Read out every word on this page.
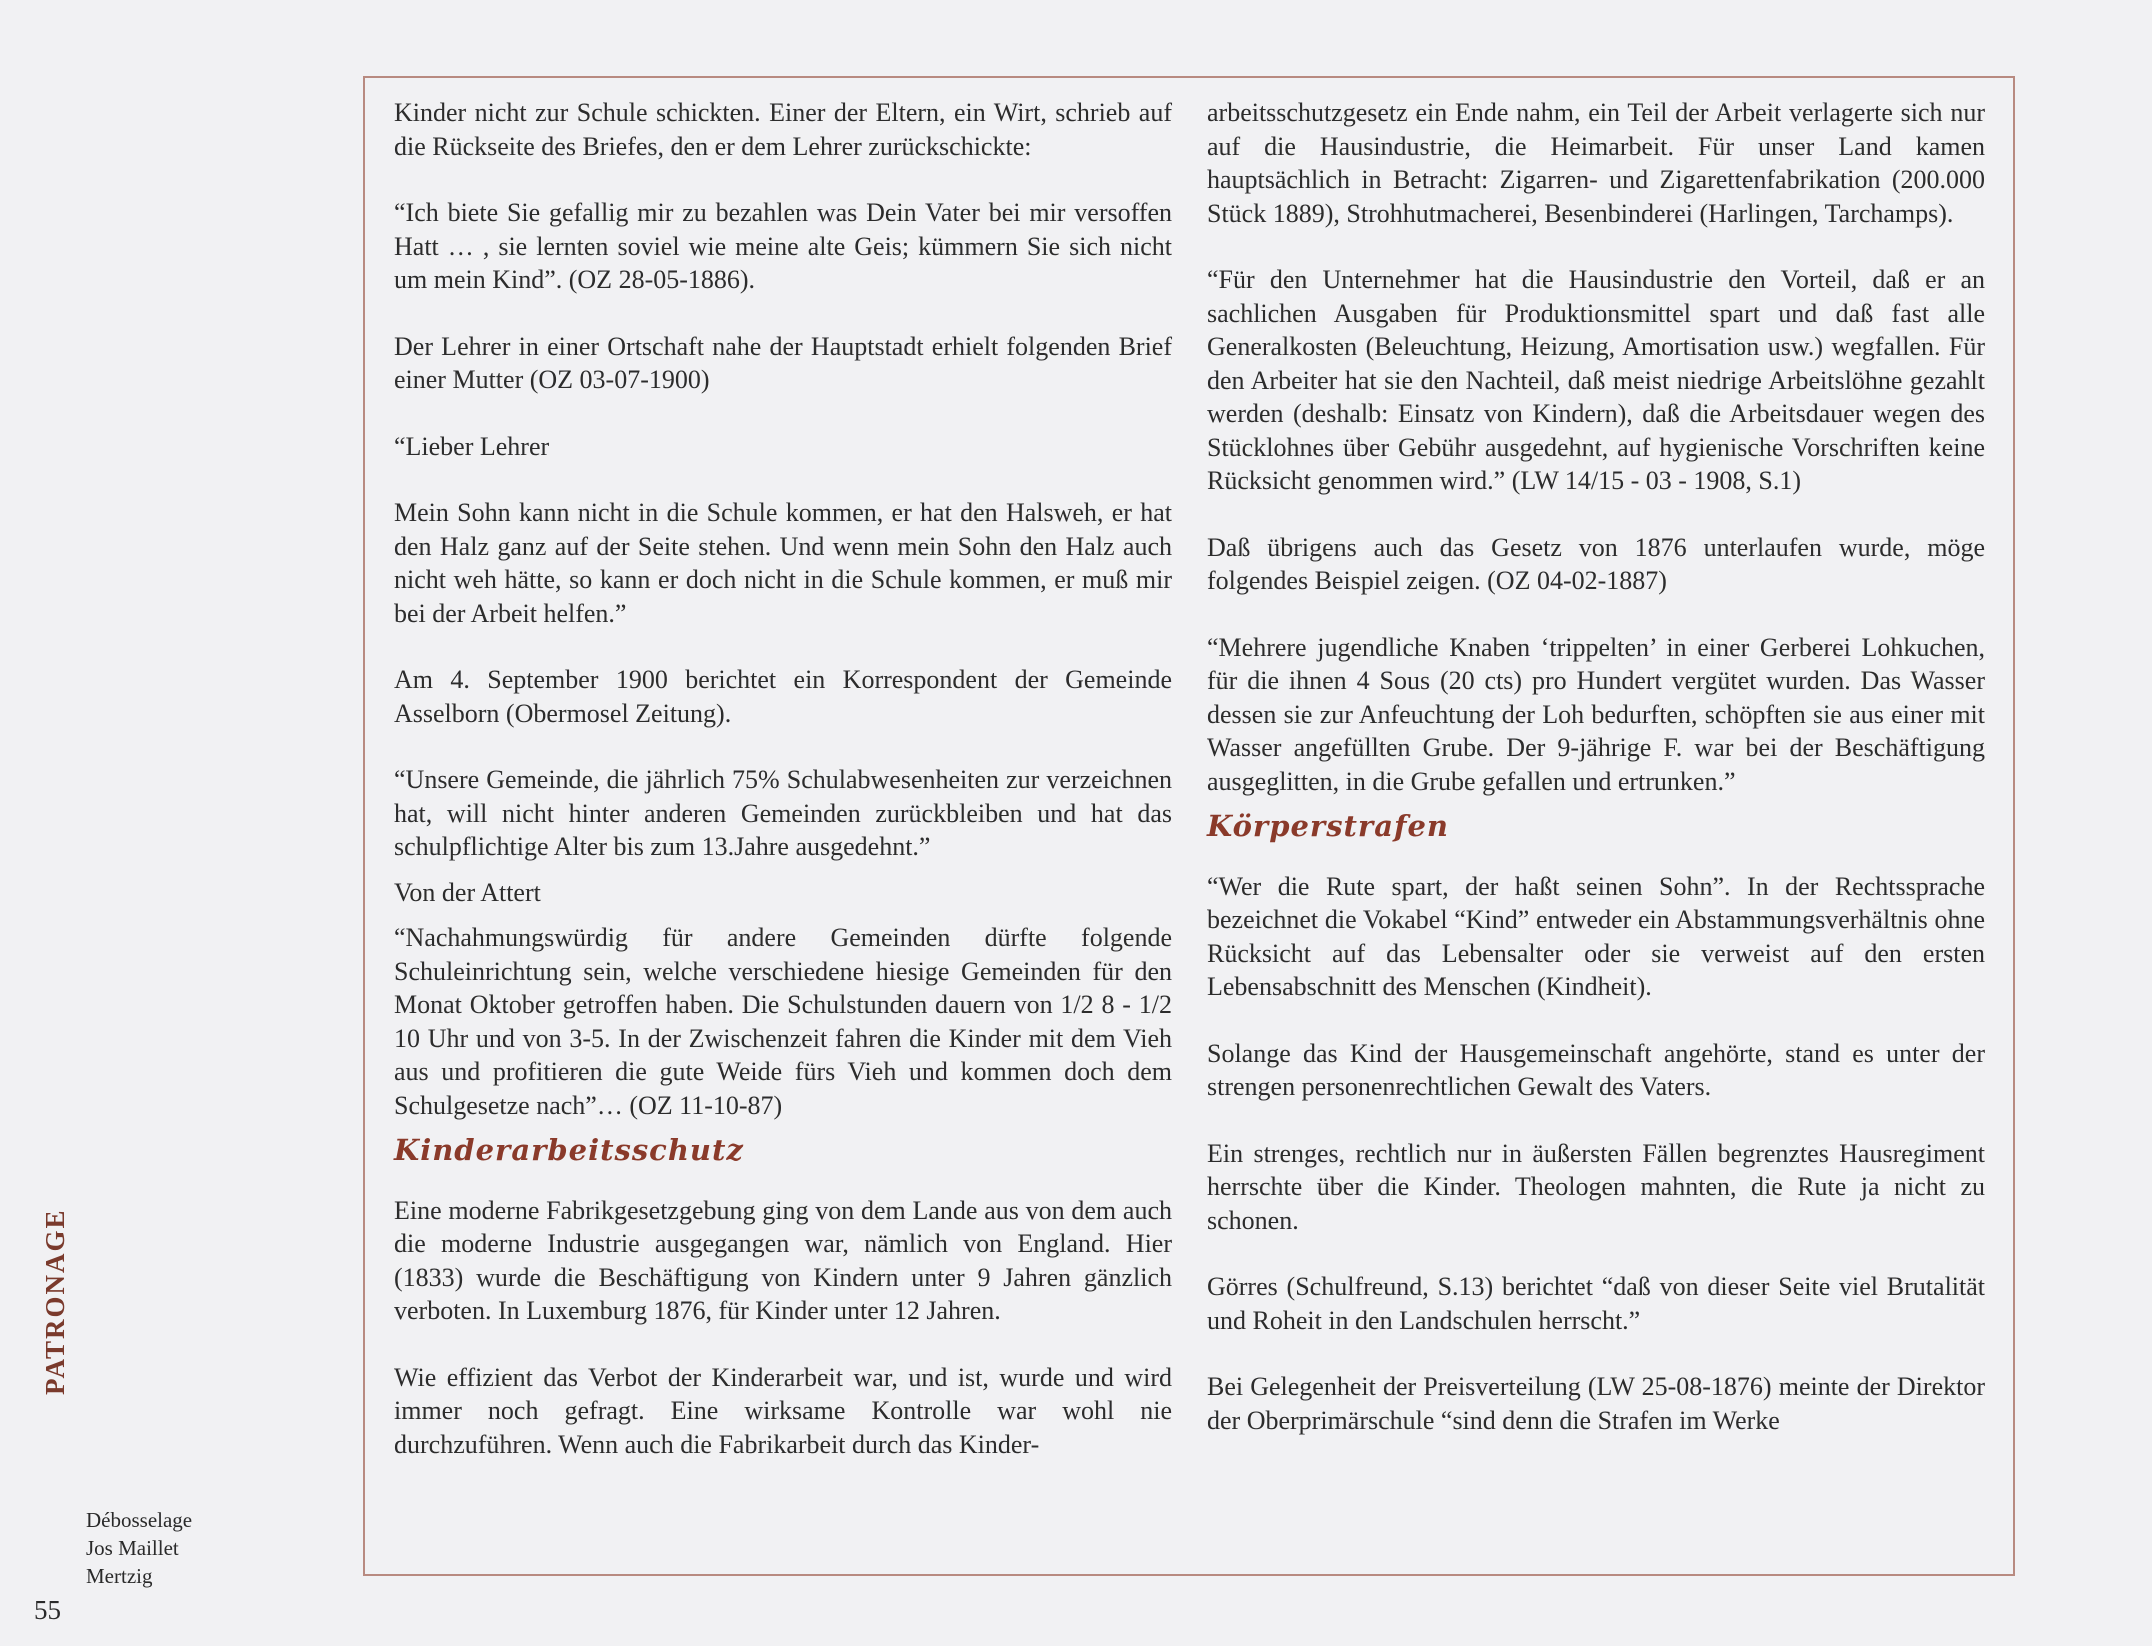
Kinder nicht zur Schule schickten. Einer der Eltern, ein Wirt, schrieb auf die Rückseite des Briefes, den er dem Lehrer zurückschickte:

“Ich biete Sie gefallig mir zu bezahlen was Dein Vater bei mir versoffen Hatt … , sie lernten soviel wie meine alte Geis; kümmern Sie sich nicht um mein Kind”. (OZ 28-05-1886).

Der Lehrer in einer Ortschaft nahe der Hauptstadt erhielt folgenden Brief einer Mutter (OZ 03-07-1900)

“Lieber Lehrer

Mein Sohn kann nicht in die Schule kommen, er hat den Halsweh, er hat den Halz ganz auf der Seite stehen. Und wenn mein Sohn den Halz auch nicht weh hätte, so kann er doch nicht in die Schule kommen, er muß mir bei der Arbeit helfen.”

Am 4. September 1900 berichtet ein Korrespondent der Gemeinde Asselborn (Obermosel Zeitung).

“Unsere Gemeinde, die jährlich 75% Schulabwesenheiten zur verzeichnen hat, will nicht hinter anderen Gemeinden zurückbleiben und hat das schulpflichtige Alter bis zum 13.Jahre ausgedehnt.”

Von der Attert

“Nachahmungswürdig für andere Gemeinden dürfte folgende Schuleinrichtung sein, welche verschiedene hiesige Gemeinden für den Monat Oktober getroffen haben. Die Schulstunden dauern von 1/2 8 - 1/2 10 Uhr und von 3-5. In der Zwischenzeit fahren die Kinder mit dem Vieh aus und profitieren die gute Weide fürs Vieh und kommen doch dem Schulgesetze nach”… (OZ 11-10-87)

Kinderarbeitsschutz

Eine moderne Fabrikgesetzgebung ging von dem Lande aus von dem auch die moderne Industrie ausgegangen war, nämlich von England. Hier (1833) wurde die Beschäftigung von Kindern unter 9 Jahren gänzlich verboten. In Luxemburg 1876, für Kinder unter 12 Jahren.

Wie effizient das Verbot der Kinderarbeit war, und ist, wurde und wird immer noch gefragt. Eine wirksame Kontrolle war wohl nie durchzuführen. Wenn auch die Fabrikarbeit durch das Kinder-

arbeitsschutzgesetz ein Ende nahm, ein Teil der Arbeit verlagerte sich nur auf die Hausindustrie, die Heimarbeit. Für unser Land kamen hauptsächlich in Betracht: Zigarren- und Zigarettenfabrikation (200.000 Stück 1889), Strohhutmacherei, Besenbinderei (Harlingen, Tarchamps).

“Für den Unternehmer hat die Hausindustrie den Vorteil, daß er an sachlichen Ausgaben für Produktionsmittel spart und daß fast alle Generalkosten (Beleuchtung, Heizung, Amortisation usw.) wegfallen. Für den Arbeiter hat sie den Nachteil, daß meist niedrige Arbeitslöhne gezahlt werden (deshalb: Einsatz von Kindern), daß die Arbeitsdauer wegen des Stücklohnes über Gebühr ausgedehnt, auf hygienische Vorschriften keine Rücksicht genommen wird.” (LW 14/15 - 03 - 1908, S.1)

Daß übrigens auch das Gesetz von 1876 unterlaufen wurde, möge folgendes Beispiel zeigen. (OZ 04-02-1887)

“Mehrere jugendliche Knaben ‘trippelten’ in einer Gerberei Lohkuchen, für die ihnen 4 Sous (20 cts) pro Hundert vergütet wurden. Das Wasser dessen sie zur Anfeuchtung der Loh bedurften, schöpften sie aus einer mit Wasser angefüllten Grube. Der 9-jährige F. war bei der Beschäftigung ausgeglitten, in die Grube gefallen und ertrunken.”

Körperstrafen

“Wer die Rute spart, der haßt seinen Sohn”. In der Rechtssprache bezeichnet die Vokabel “Kind” entweder ein Abstammungsverhältnis ohne Rücksicht auf das Lebensalter oder sie verweist auf den ersten Lebensabschnitt des Menschen (Kindheit).

Solange das Kind der Hausgemeinschaft angehörte, stand es unter der strengen personenrechtlichen Gewalt des Vaters.

Ein strenges, rechtlich nur in äußersten Fällen begrenztes Hausregiment herrschte über die Kinder. Theologen mahnten, die Rute ja nicht zu schonen.

Görres (Schulfreund, S.13) berichtet “daß von dieser Seite viel Brutalität und Roheit in den Landschulen herrscht.”

Bei Gelegenheit der Preisverteilung (LW 25-08-1876) meinte der Direktor der Oberprimärschule “sind denn die Strafen im Werke

PATRONAGE
Débosselage
Jos Maillet
Mertzig
55
